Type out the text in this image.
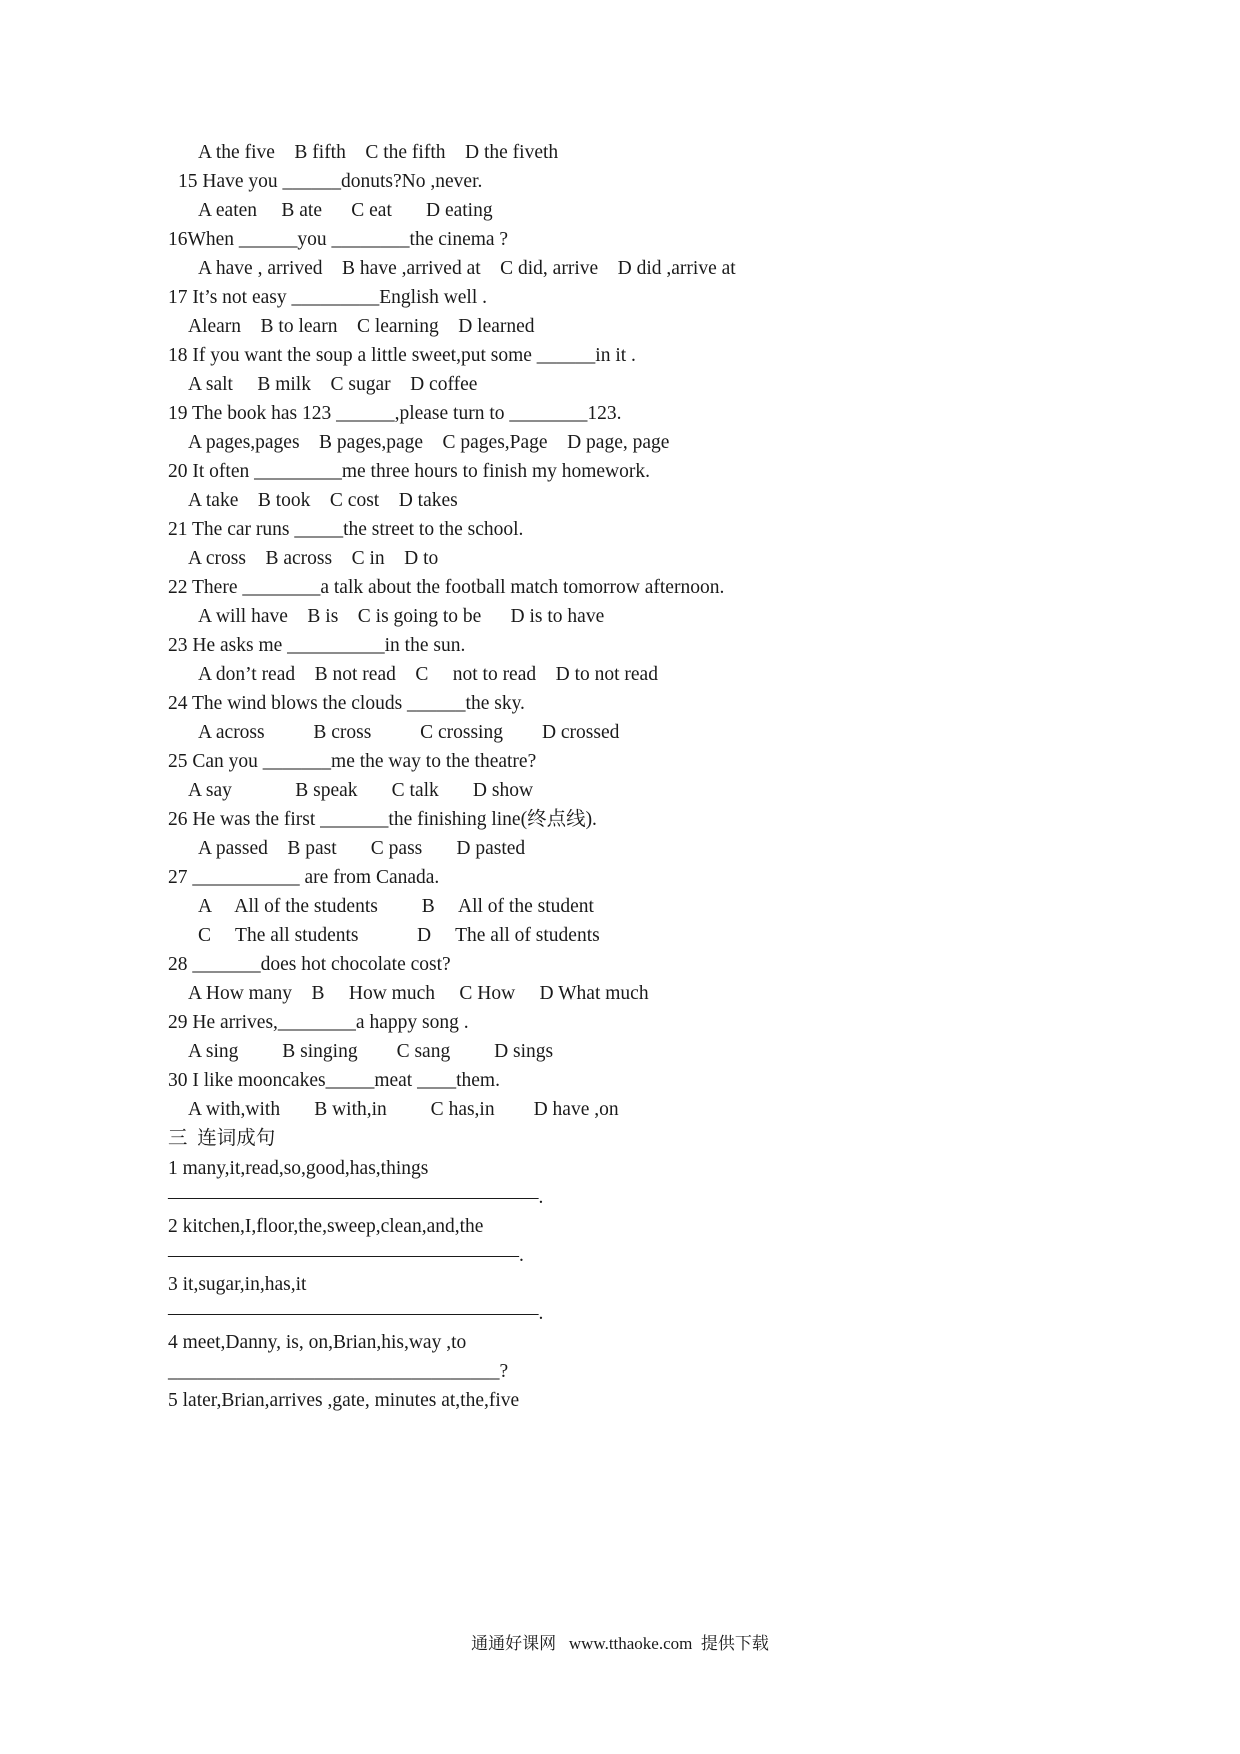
A the five    B fifth    C the fifth    D the fiveth
15 Have you ______donuts?No ,never.
A eaten     B ate      C eat       D eating
16When ______you ________the cinema ?
A have , arrived    B have ,arrived at    C did, arrive    D did ,arrive at
17 It’s not easy _________English well .
Alearn    B to learn    C learning    D learned
18 If you want the soup a little sweet,put some ______in it .
A salt     B milk    C sugar    D coffee
19 The book has 123 ______,please turn to ________123.
A pages,pages    B pages,page    C pages,Page    D page, page
20 It often _________me three hours to finish my homework.
A take    B took    C cost    D takes
21 The car runs _____the street to the school.
A cross    B across    C in    D to
22 There ________a talk about the football match tomorrow afternoon.
A will have    B is    C is going to be      D is to have
23 He asks me __________in the sun.
A don’t read    B not read    C     not to read    D to not read
24 The wind blows the clouds ______the sky.
A across          B cross          C crossing        D crossed
25 Can you _______me the way to the theatre?
A say             B speak       C talk       D show
26 He was the first _______the finishing line(终点线).
A passed    B past       C pass       D pasted
27 ___________ are from Canada.
A     All of the students         B     All of the student
C     The all students            D     The all of students
28 _______does hot chocolate cost?
A How many    B     How much     C How     D What much
29 He arrives,________a happy song .
A sing         B singing        C sang         D sings
30 I like mooncakes_____meat ____them.
A with,with       B with,in         C has,in        D have ,on
三  连词成句
1 many,it,read,so,good,has,things
———————————————————.
2 kitchen,I,floor,the,sweep,clean,and,the
——————————————————.
3 it,sugar,in,has,it
———————————————————.
4 meet,Danny, is, on,Brian,his,way ,to
__________________________________?
5 later,Brian,arrives ,gate, minutes at,the,five
通通好课网   www.tthaoke.com  提供下载
